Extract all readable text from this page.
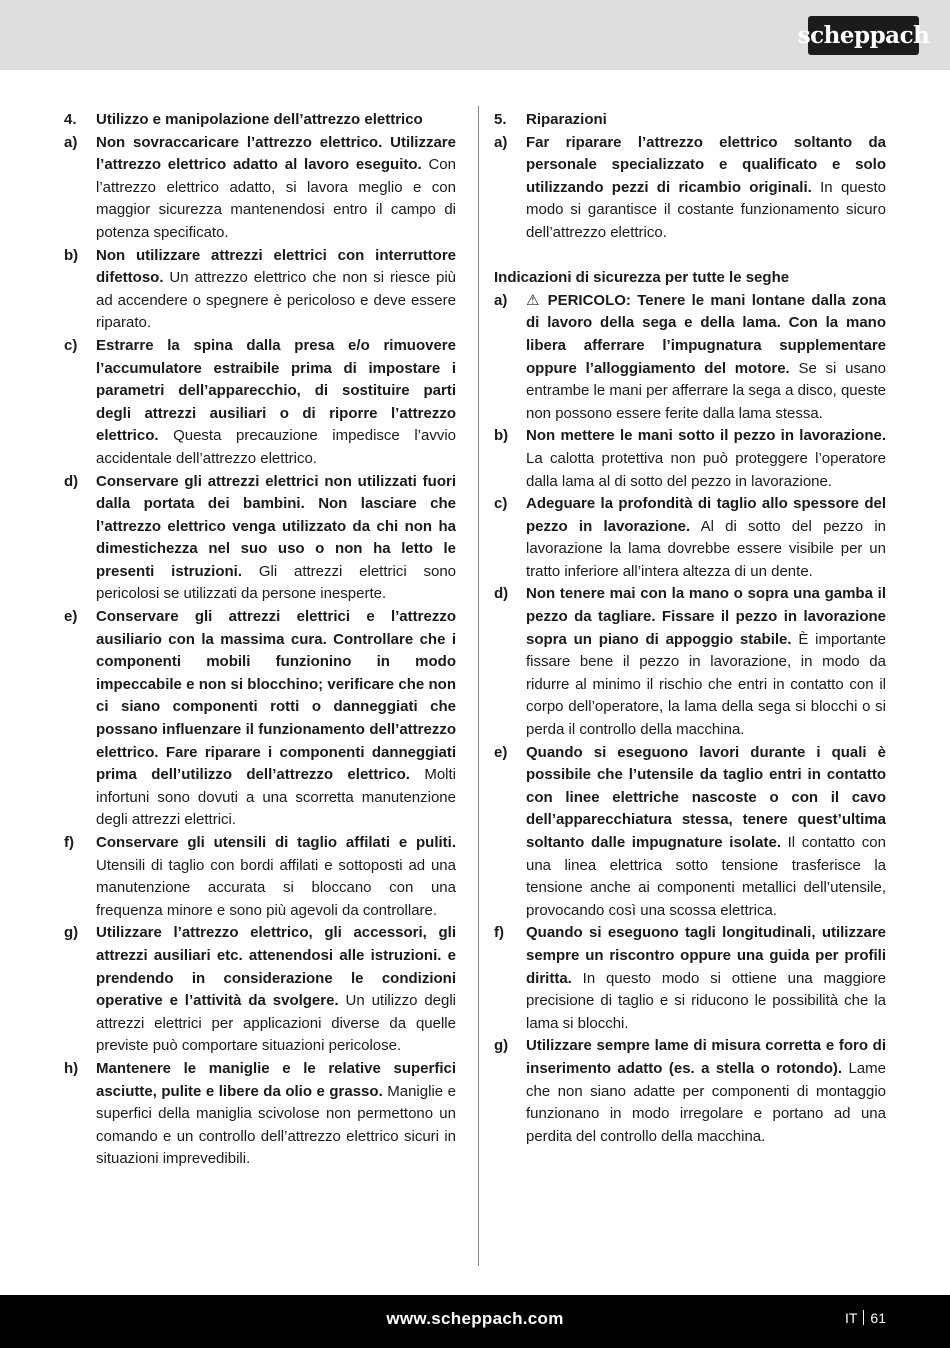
scheppach
4.	Utilizzo e manipolazione dell’attrezzo elettrico
a)	Non sovraccaricare l’attrezzo elettrico. Utilizzare l’attrezzo elettrico adatto al lavoro eseguito. Con l’attrezzo elettrico adatto, si lavora meglio e con maggior sicurezza mantenendosi entro il campo di potenza specificato.
b)	Non utilizzare attrezzi elettrici con interruttore difettoso. Un attrezzo elettrico che non si riesce più ad accendere o spegnere è pericoloso e deve essere riparato.
c)	Estrarre la spina dalla presa e/o rimuovere l’accumulatore estraibile prima di impostare i parametri dell’apparecchio, di sostituire parti degli attrezzi ausiliari o di riporre l’attrezzo elettrico. Questa precauzione impedisce l’avvio accidentale dell’attrezzo elettrico.
d)	Conservare gli attrezzi elettrici non utilizzati fuori dalla portata dei bambini. Non lasciare che l’attrezzo elettrico venga utilizzato da chi non ha dimestichezza nel suo uso o non ha letto le presenti istruzioni. Gli attrezzi elettrici sono pericolosi se utilizzati da persone inesperte.
e)	Conservare gli attrezzi elettrici e l’attrezzo ausiliario con la massima cura. Controllare che i componenti mobili funzionino in modo impeccabile e non si blocchino; verificare che non ci siano componenti rotti o danneggiati che possano influenzare il funzionamento dell’attrezzo elettrico. Fare riparare i componenti danneggiati prima dell’utilizzo dell’attrezzo elettrico. Molti infortuni sono dovuti a una scorretta manutenzione degli attrezzi elettrici.
f)	Conservare gli utensili di taglio affilati e puliti. Utensili di taglio con bordi affilati e sottoposti ad una manutenzione accurata si bloccano con una frequenza minore e sono più agevoli da controllare.
g)	Utilizzare l’attrezzo elettrico, gli accessori, gli attrezzi ausiliari etc. attenendosi alle istruzioni. e prendendo in considerazione le condizioni operative e l’attività da svolgere. Un utilizzo degli attrezzi elettrici per applicazioni diverse da quelle previste può comportare situazioni pericolose.
h)	Mantenere le maniglie e le relative superfici asciutte, pulite e libere da olio e grasso. Maniglie e superfici della maniglia scivolose non permettono un comando e un controllo dell’attrezzo elettrico sicuri in situazioni imprevedibili.
5.	Riparazioni
a)	Far riparare l’attrezzo elettrico soltanto da personale specializzato e qualificato e solo utilizzando pezzi di ricambio originali. In questo modo si garantisce il costante funzionamento sicuro dell’attrezzo elettrico.
Indicazioni di sicurezza per tutte le seghe
a)	⚠ PERICOLO: Tenere le mani lontane dalla zona di lavoro della sega e della lama. Con la mano libera afferrare l’impugnatura supplementare oppure l’alloggiamento del motore. Se si usano entrambe le mani per afferrare la sega a disco, queste non possono essere ferite dalla lama stessa.
b)	Non mettere le mani sotto il pezzo in lavorazione. La calotta protettiva non può proteggere l’operatore dalla lama al di sotto del pezzo in lavorazione.
c)	Adeguare la profondità di taglio allo spessore del pezzo in lavorazione. Al di sotto del pezzo in lavorazione la lama dovrebbe essere visibile per un tratto inferiore all’intera altezza di un dente.
d)	Non tenere mai con la mano o sopra una gamba il pezzo da tagliare. Fissare il pezzo in lavorazione sopra un piano di appoggio stabile. È importante fissare bene il pezzo in lavorazione, in modo da ridurre al minimo il rischio che entri in contatto con il corpo dell’operatore, la lama della sega si blocchi o si perda il controllo della macchina.
e)	Quando si eseguono lavori durante i quali è possibile che l’utensile da taglio entri in contatto con linee elettriche nascoste o con il cavo dell’apparecchiatura stessa, tenere quest’ultima soltanto dalle impugnature isolate. Il contatto con una linea elettrica sotto tensione trasferisce la tensione anche ai componenti metallici dell’utensile, provocando così una scossa elettrica.
f)	Quando si eseguono tagli longitudinali, utilizzare sempre un riscontro oppure una guida per profili diritta. In questo modo si ottiene una maggiore precisione di taglio e si riducono le possibilità che la lama si blocchi.
g)	Utilizzare sempre lame di misura corretta e foro di inserimento adatto (es. a stella o rotondo). Lame che non siano adatte per componenti di montaggio funzionano in modo irregolare e portano ad una perdita del controllo della macchina.
www.scheppach.com	IT 61
